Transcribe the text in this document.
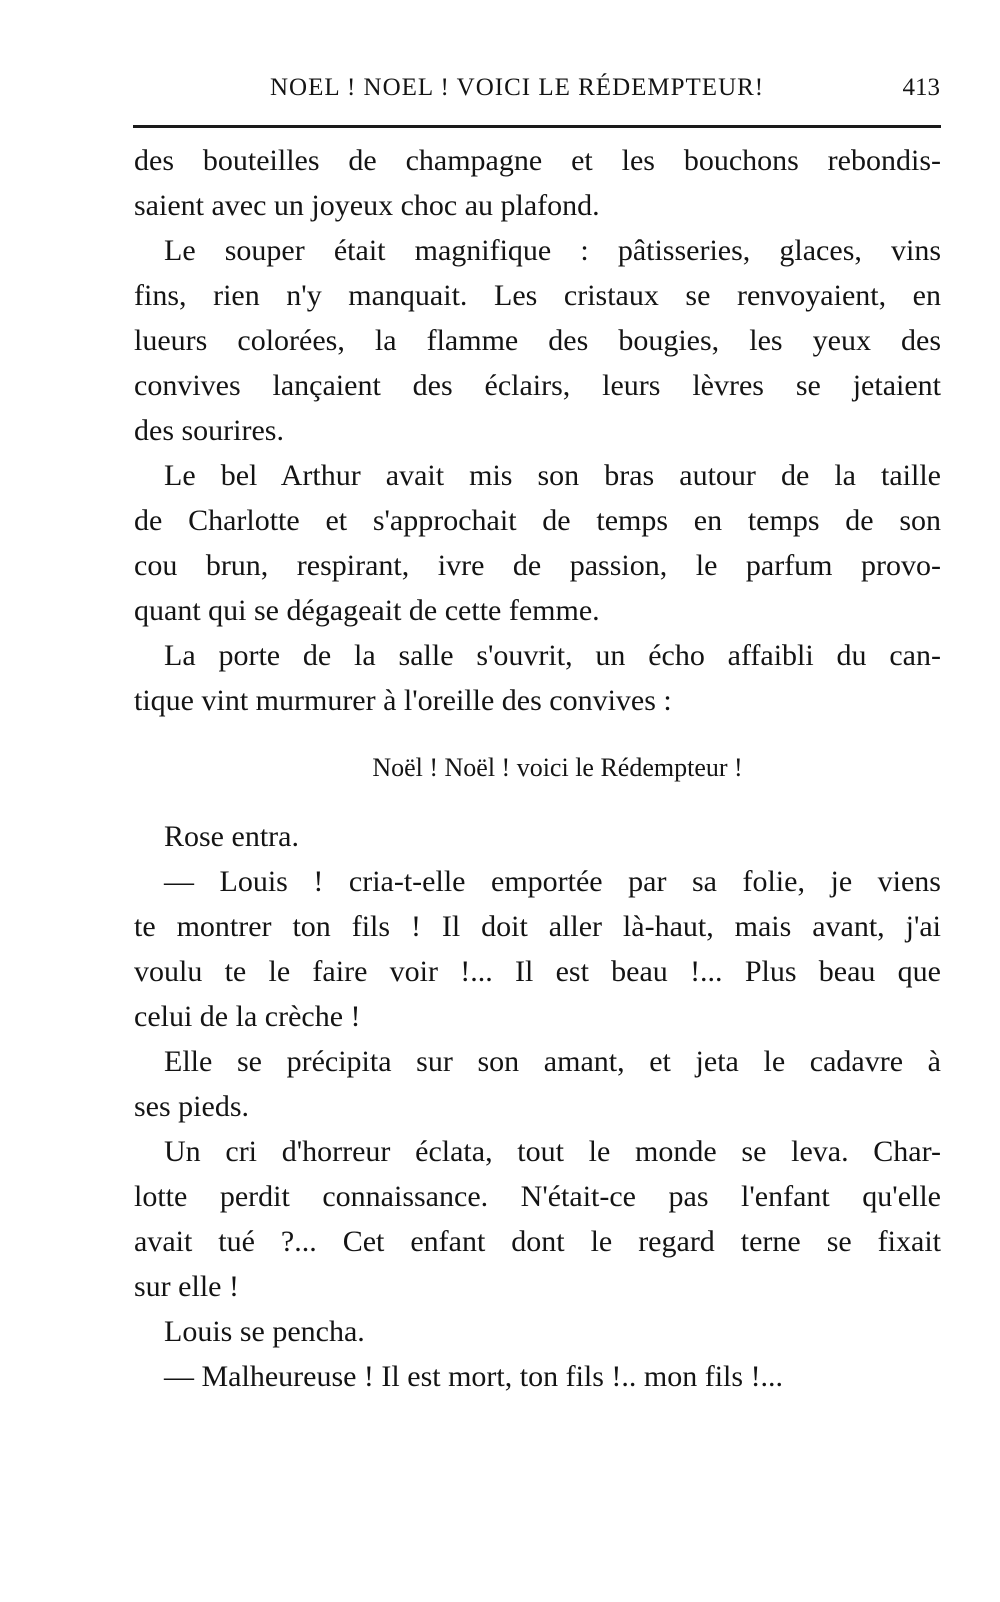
NOEL ! NOEL ! VOICI LE RÉDEMPTEUR!	413
des bouteilles de champagne et les bouchons rebondis-
saient avec un joyeux choc au plafond.
Le souper était magnifique : pâtisseries, glaces, vins
fins, rien n'y manquait. Les cristaux se renvoyaient, en
lueurs colorées, la flamme des bougies, les yeux des
convives lançaient des éclairs, leurs lèvres se jetaient
des sourires.
Le bel Arthur avait mis son bras autour de la taille
de Charlotte et s'approchait de temps en temps de son
cou brun, respirant, ivre de passion, le parfum provo-
quant qui se dégageait de cette femme.
La porte de la salle s'ouvrit, un écho affaibli du can-
tique vint murmurer à l'oreille des convives :
Noël ! Noël ! voici le Rédempteur !
Rose entra.
— Louis ! cria-t-elle emportée par sa folie, je viens
te montrer ton fils ! Il doit aller là-haut, mais avant, j'ai
voulu te le faire voir !... Il est beau !... Plus beau que
celui de la crèche !
Elle se précipita sur son amant, et jeta le cadavre à
ses pieds.
Un cri d'horreur éclata, tout le monde se leva. Char-
lotte perdit connaissance. N'était-ce pas l'enfant qu'elle
avait tué ?... Cet enfant dont le regard terne se fixait
sur elle !
Louis se pencha.
— Malheureuse ! Il est mort, ton fils !.. mon fils !...
